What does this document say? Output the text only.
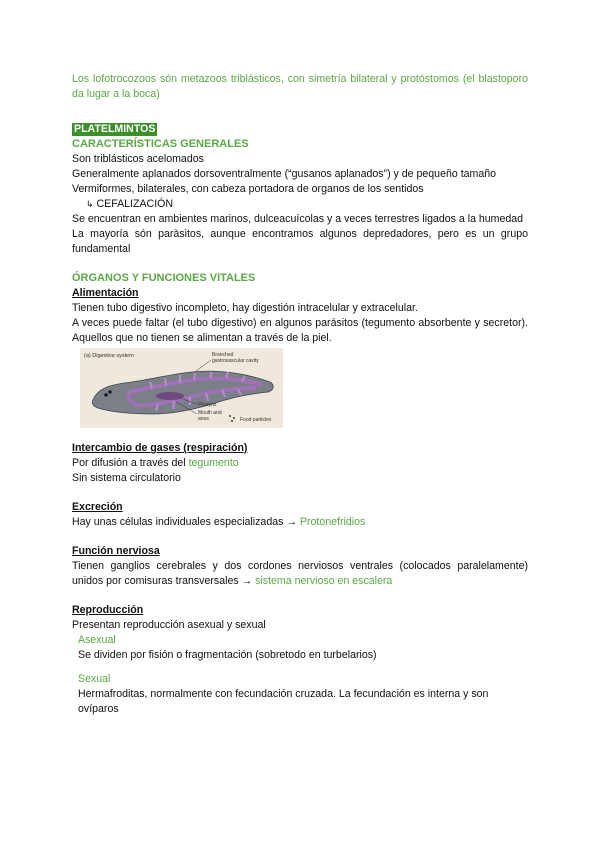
Los lofotrocozoos són metazoos triblásticos, con simetría bilateral y protóstomos (el blastoporo da lugar a la boca)
PLATELMINTOS
CARACTERÍSTICAS GENERALES
Son triblásticos acelomados
Generalmente aplanados dorsoventralmente (“gusanos aplanados”) y de pequeño tamaño
Vermiformes, bilaterales, con cabeza portadora de organos de los sentidos
↳ CEFALIZACIÓN
Se encuentran en ambientes marinos, dulceacuícolas y a veces terrestres ligados a la humedad
La mayoría són paràsitos, aunque encontramos algunos depredadores, pero es un grupo fundamental
ÓRGANOS Y FUNCIONES VITALES
Alimentación
Tienen tubo digestivo incompleto, hay digestión intracelular y extracelular.
A veces puede faltar (el tubo digestivo) en algunos parásitos (tegumento absorbente y secretor). Aquellos que no tienen se alimentan a través de la piel.
(a) Digestive system	Branched
gastrovascular cavity
Pharynx
Mouth and
anus	Food particles
Intercambio de gases (respiración)
Por difusión a través del tegumento
Sin sistema circulatorio
Excreción
Hay unas células individuales especializadas → Protonefridios
Función nerviosa
Tienen ganglios cerebrales y dos cordones nerviosos ventrales (colocados paralelamente) unidos por comisuras transversales → sistema nervioso en escalera
Reproducción
Presentan reproducción asexual y sexual
Asexual
Se dividen por fisión o fragmentación (sobretodo en turbelarios)
Sexual
Hermafroditas, normalmente con fecundación cruzada. La fecundación es interna y son ovíparos
